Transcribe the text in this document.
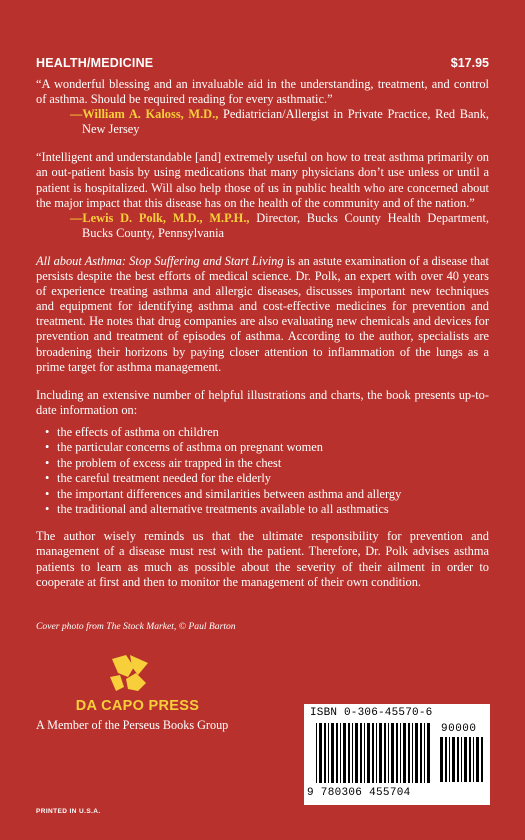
HEALTH/MEDICINE	$17.95

“A wonderful blessing and an invaluable aid in the understanding, treatment, and control of asthma. Should be required reading for every asthmatic.”

—William A. Kaloss, M.D., Pediatrician/Allergist in Private Practice, Red Bank, New Jersey

“Intelligent and understandable [and] extremely useful on how to treat asthma primarily on an out-patient basis by using medications that many physicians don’t use unless or until a patient is hospitalized. Will also help those of us in public health who are concerned about the major impact that this disease has on the health of the community and of the nation.”

—Lewis D. Polk, M.D., M.P.H., Director, Bucks County Health Department, Bucks County, Pennsylvania

All about Asthma: Stop Suffering and Start Living is an astute examination of a disease that persists despite the best efforts of medical science. Dr. Polk, an expert with over 40 years of experience treating asthma and allergic diseases, discusses important new techniques and equipment for identifying asthma and cost-effective medicines for prevention and treatment. He notes that drug companies are also evaluating new chemicals and devices for prevention and treatment of episodes of asthma. According to the author, specialists are broadening their horizons by paying closer attention to inflammation of the lungs as a prime target for asthma management.

Including an extensive number of helpful illustrations and charts, the book presents up-to-date information on:

• the effects of asthma on children
• the particular concerns of asthma on pregnant women
• the problem of excess air trapped in the chest
• the careful treatment needed for the elderly
• the important differences and similarities between asthma and allergy
• the traditional and alternative treatments available to all asthmatics

The author wisely reminds us that the ultimate responsibility for prevention and management of a disease must rest with the patient. Therefore, Dr. Polk advises asthma patients to learn as much as possible about the severity of their ailment in order to cooperate at first and then to monitor the management of their own condition.

Cover photo from The Stock Market, © Paul Barton
DA CAPO PRESS
A Member of the Perseus Books Group
ISBN 0-306-45570-6
90000
9 780306 455704
PRINTED IN U.S.A.
